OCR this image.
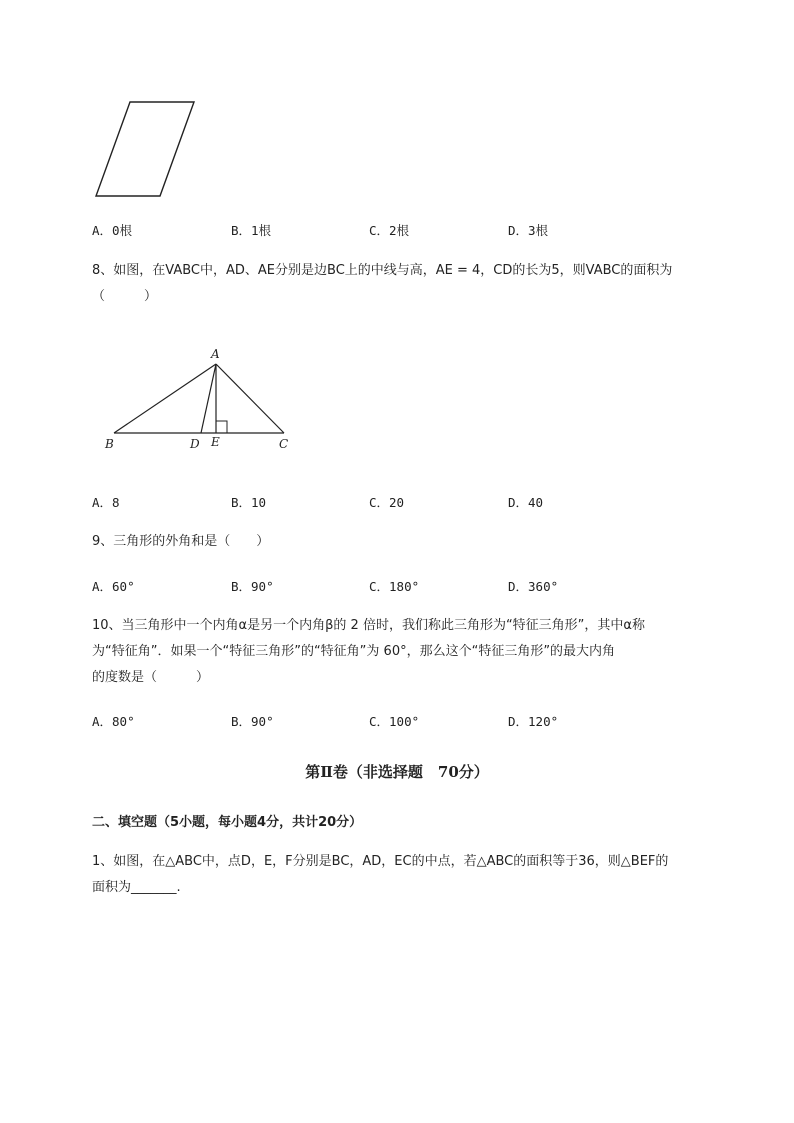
A．0根	B．1根	C．2根	D．3根
8、如图，在VABC中，AD、AE分别是边BC上的中线与高，AE = 4，CD的长为5，则VABC的面积为
（　　　）
A
B	D E	C
A．8	B．10	C．20	D．40
9、三角形的外角和是（　　）
A．60°	B．90°	C．180°	D．360°
10、当三角形中一个内角α是另一个内角β的 2 倍时，我们称此三角形为“特征三角形”，其中α称
为“特征角”．如果一个“特征三角形”的“特征角”为 60°，那么这个“特征三角形”的最大内角
的度数是（　　　）
A．80°	B．90°	C．100°	D．120°
第Ⅱ卷（非选择题　70分）
二、填空题（5小题，每小题4分，共计20分）
1、如图，在△ABC中，点D，E，F分别是BC，AD，EC的中点，若△ABC的面积等于36，则△BEF的
面积为_______.
